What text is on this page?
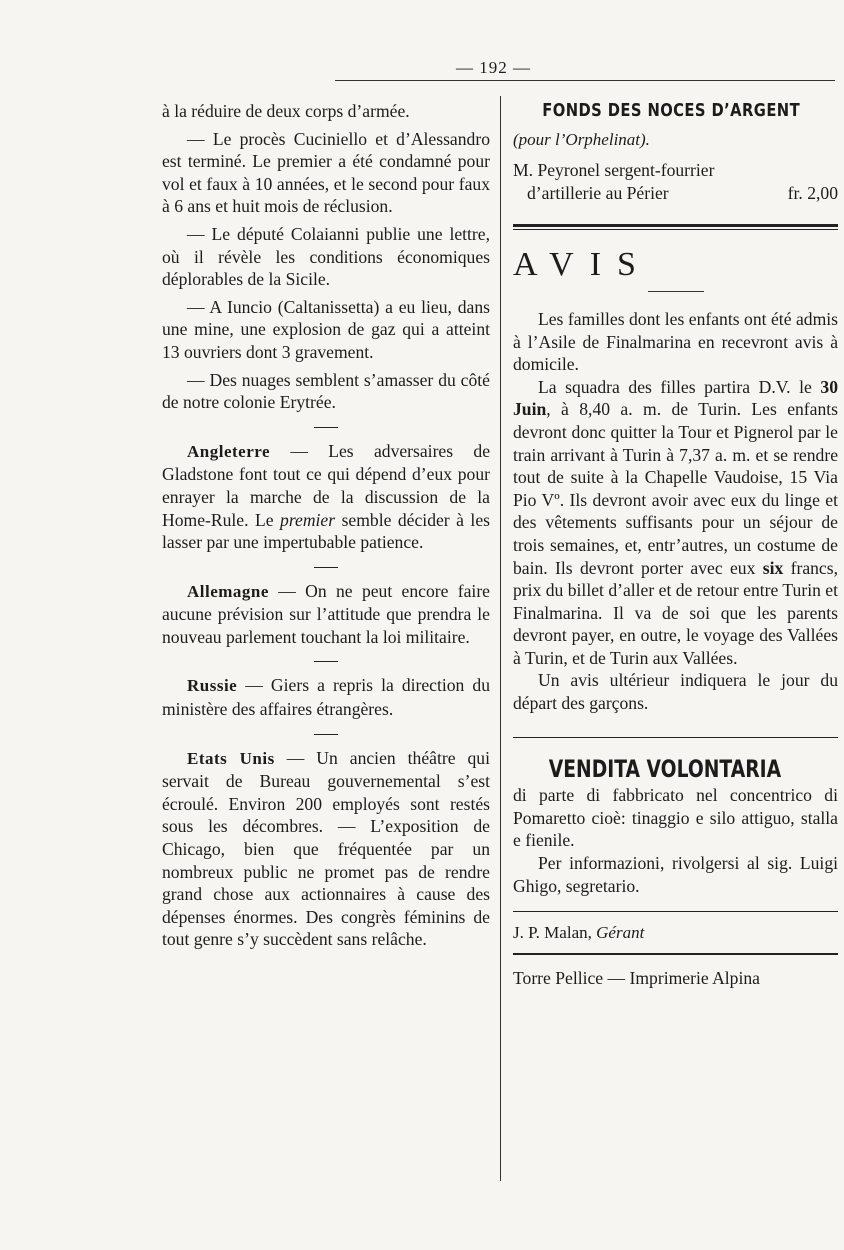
— 192 —

à la réduire de deux corps d’armée.

— Le procès Cuciniello et d’Alessandro est terminé. Le premier a été condamné pour vol et faux à 10 années, et le second pour faux à 6 ans et huit mois de réclusion.

— Le député Colaianni publie une lettre, où il révèle les conditions économiques déplorables de la Sicile.

— A Iuncio (Caltanissetta) a eu lieu, dans une mine, une explosion de gaz qui a atteint 13 ouvriers dont 3 gravement.

— Des nuages semblent s’amasser du côté de notre colonie Erytrée.

Angleterre — Les adversaires de Gladstone font tout ce qui dépend d’eux pour enrayer la marche de la discussion de la Home-Rule. Le premier semble décider à les lasser par une impertubable patience.

Allemagne — On ne peut encore faire aucune prévision sur l’attitude que prendra le nouveau parlement touchant la loi militaire.

Russie — Giers a repris la direction du ministère des affaires étrangères.

Etats Unis — Un ancien théâtre qui servait de Bureau gouvernemental s’est écroulé. Environ 200 employés sont restés sous les décombres. — L’exposition de Chicago, bien que fréquentée par un nombreux public ne promet pas de rendre grand chose aux actionnaires à cause des dépenses énormes. Des congrès féminins de tout genre s’y succèdent sans relâche.

FONDS DES NOCES D’ARGENT

(pour l’Orphelinat).

M. Peyronel sergent-fourrier

d’artillerie au Périer	fr. 2,00

AVIS

Les familles dont les enfants ont été admis à l’Asile de Finalmarina en recevront avis à domicile.

La squadra des filles partira D.V. le 30 Juin, à 8,40 a. m. de Turin. Les enfants devront donc quitter la Tour et Pignerol par le train arrivant à Turin à 7,37 a. m. et se rendre tout de suite à la Chapelle Vaudoise, 15 Via Pio Vº. Ils devront avoir avec eux du linge et des vêtements suffisants pour un séjour de trois semaines, et, entr’autres, un costume de bain. Ils devront porter avec eux six francs, prix du billet d’aller et de retour entre Turin et Finalmarina. Il va de soi que les parents devront payer, en outre, le voyage des Vallées à Turin, et de Turin aux Vallées.

Un avis ultérieur indiquera le jour du départ des garçons.

VENDITA VOLONTARIA

di parte di fabbricato nel concentrico di Pomaretto cioè: tinaggio e silo attiguo, stalla e fienile.

Per informazioni, rivolgersi al sig. Luigi Ghigo, segretario.

J. P. Malan, Gérant

Torre Pellice — Imprimerie Alpina
